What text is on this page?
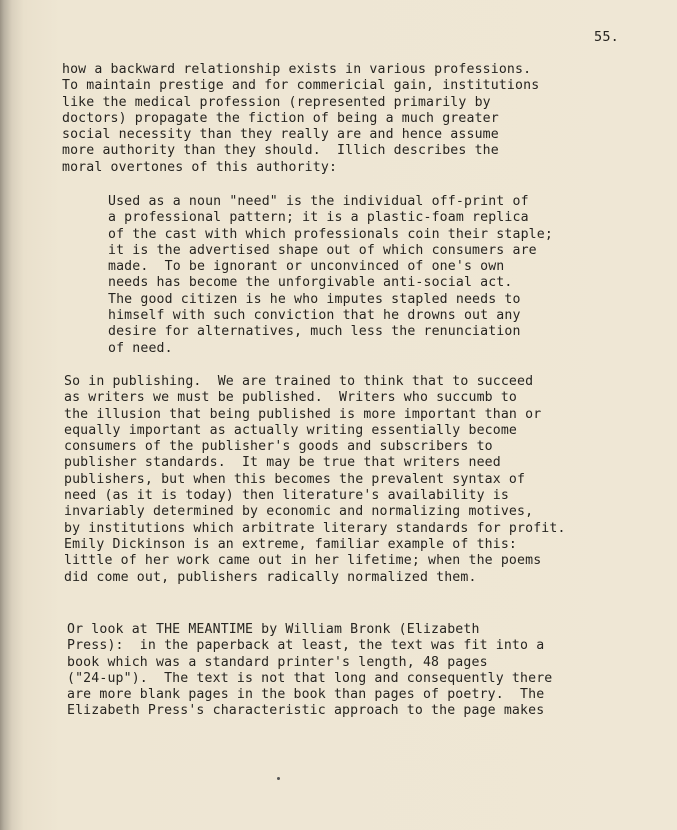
55.

how a backward relationship exists in various professions.
To maintain prestige and for commericial gain, institutions
like the medical profession (represented primarily by
doctors) propagate the fiction of being a much greater
social necessity than they really are and hence assume
more authority than they should.  Illich describes the
moral overtones of this authority:

Used as a noun "need" is the individual off-print of
a professional pattern; it is a plastic-foam replica
of the cast with which professionals coin their staple;
it is the advertised shape out of which consumers are
made.  To be ignorant or unconvinced of one's own
needs has become the unforgivable anti-social act.
The good citizen is he who imputes stapled needs to
himself with such conviction that he drowns out any
desire for alternatives, much less the renunciation
of need.

So in publishing.  We are trained to think that to succeed
as writers we must be published.  Writers who succumb to
the illusion that being published is more important than or
equally important as actually writing essentially become
consumers of the publisher's goods and subscribers to
publisher standards.  It may be true that writers need
publishers, but when this becomes the prevalent syntax of
need (as it is today) then literature's availability is
invariably determined by economic and normalizing motives,
by institutions which arbitrate literary standards for profit.
Emily Dickinson is an extreme, familiar example of this:
little of her work came out in her lifetime; when the poems
did come out, publishers radically normalized them.

Or look at THE MEANTIME by William Bronk (Elizabeth
Press):  in the paperback at least, the text was fit into a
book which was a standard printer's length, 48 pages
("24-up").  The text is not that long and consequently there
are more blank pages in the book than pages of poetry.  The
Elizabeth Press's characteristic approach to the page makes
